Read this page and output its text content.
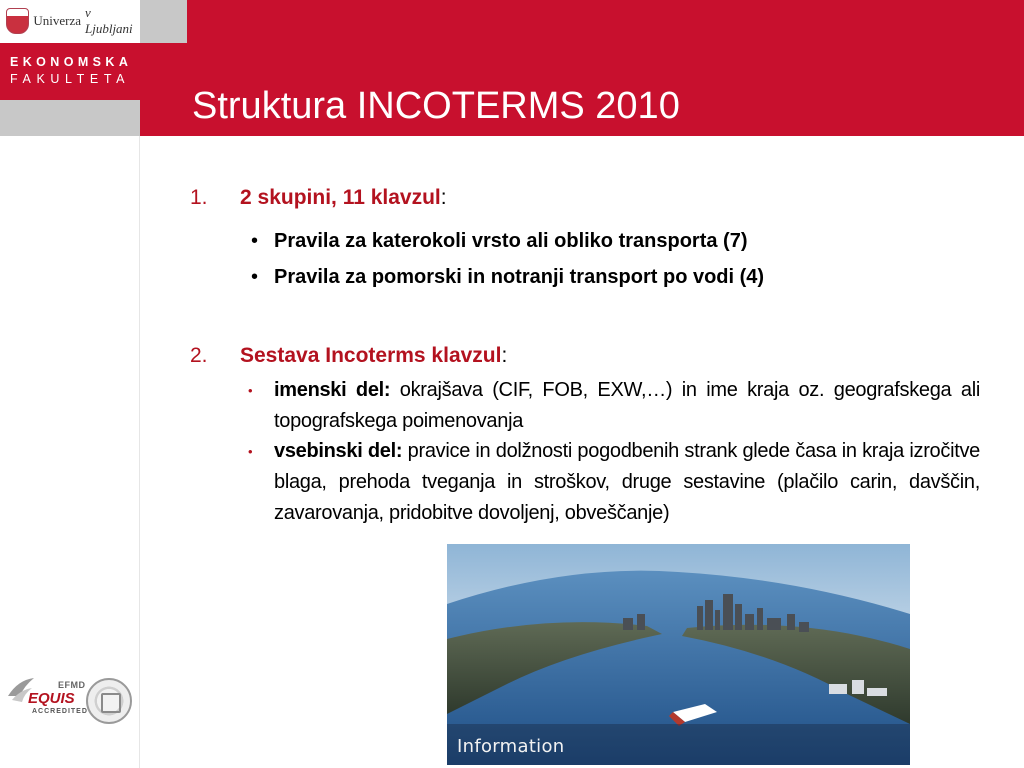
Univerza
v Ljubljani
EKONOMSKA
FAKULTETA
Struktura INCOTERMS 2010
1. 2 skupini, 11 klavzul:
• Pravila za katerokoli vrsto ali obliko transporta (7)
• Pravila za pomorski in notranji transport po vodi (4)
2. Sestava Incoterms klavzul:
• imenski del: okrajšava (CIF, FOB, EXW,…) in ime kraja oz. geografskega ali topografskega poimenovanja
• vsebinski del: pravice in dolžnosti pogodbenih strank glede časa in kraja izročitve blaga, prehoda tveganja in stroškov, druge sestavine (plačilo carin, davščin, zavarovanja, pridobitve dovoljenj, obveščanje)
Information
EFMD
EQUIS
ACCREDITED
